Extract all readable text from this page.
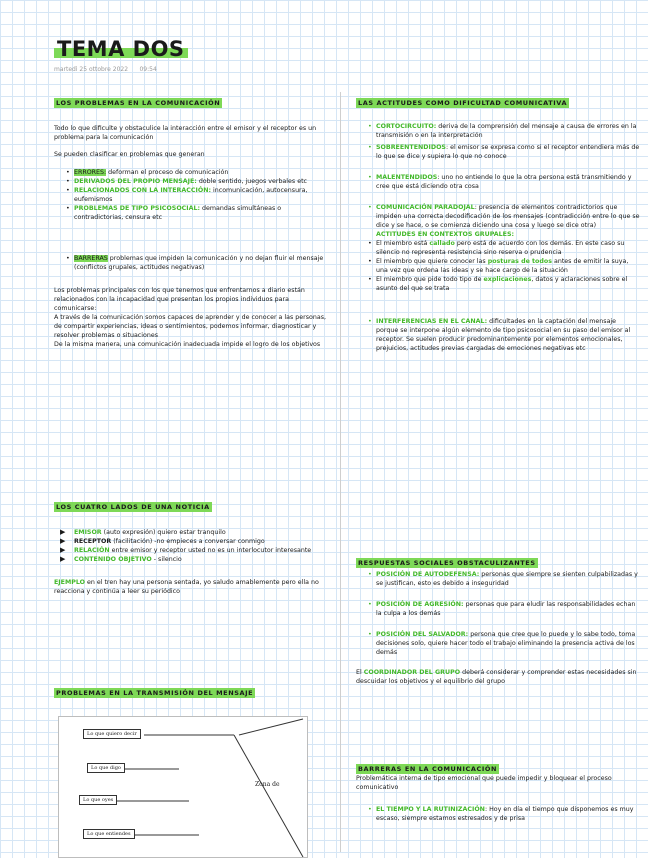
TEMA DOS
martedì 25 ottobre 2022 09:54
LOS PROBLEMAS EN LA COMUNICACIÓN

Todo lo que dificulte y obstaculice la interacción entre el emisor y el receptor es un problema para la comunicación

Se pueden clasificar en problemas que generan

• ERRORES: deforman el proceso de comunicación
• DERIVADOS DEL PROPIO MENSAJE: doble sentido, juegos verbales etc
• RELACIONADOS CON LA INTERACCIÓN: incomunicación, autocensura, eufemismos
• PROBLEMAS DE TIPO PSICOSOCIAL: demandas simultáneas o contradictorias, censura etc
• BARRERAS problemas que impiden la comunicación y no dejan fluir el mensaje (conflictos grupales, actitudes negativas)

Los problemas principales con los que tenemos que enfrentarnos a diario están relacionados con la incapacidad que presentan los propios individuos para comunicarse:

A través de la comunicación somos capaces de aprender y de conocer a las personas, de compartir experiencias, ideas o sentimientos, podemos informar, diagnosticar y resolver problemas o situaciones

De la misma manera, una comunicación inadecuada impide el logro de los objetivos

LOS CUATRO LADOS DE UNA NOTICIA
▶ EMISOR (auto expresión) quiero estar tranquilo
▶ RECEPTOR (facilitación) -no empieces a conversar conmigo
▶ RELACIÓN entre emisor y receptor usted no es un interlocutor interesante
▶ CONTENIDO OBJETIVO - silencio

EJEMPLO en el tren hay una persona sentada, yo saludo amablemente pero ella no reacciona y continúa a leer su periódico

PROBLEMAS EN LA TRANSMISIÓN DEL MENSAJE
Lo que quiero decir
Lo que digo
Lo que oyes
Lo que entiendes
Zona de
LAS ACTITUDES COMO DIFICULTAD COMUNICATIVA
• CORTOCIRCUITO: deriva de la comprensión del mensaje a causa de errores en la transmisión o en la interpretación
• SOBREENTENDIDOS: el emisor se expresa como si el receptor entendiera más de lo que se dice y supiera lo que no conoce
• MALENTENDIDOS: uno no entiende lo que la otra persona está transmitiendo y cree que está diciendo otra cosa
• COMUNICACIÓN PARADOJAL: presencia de elementos contradictorios que impiden una correcta decodificación de los mensajes (contradicción entre lo que se dice y se hace, o se comienza diciendo una cosa y luego se dice otra)

ACTITUDES EN CONTEXTOS GRUPALES:

• El miembro está callado pero está de acuerdo con los demás. En este caso su silencio no representa resistencia sino reserva o prudencia
• El miembro que quiere conocer las posturas de todos antes de emitir la suya, una vez que ordena las ideas y se hace cargo de la situación
• El miembro que pide todo tipo de explicaciones, datos y aclaraciones sobre el asunto del que se trata
• INTERFERENCIAS EN EL CANAL: dificultades en la captación del mensaje porque se interpone algún elemento de tipo psicosocial en su paso del emisor al receptor. Se suelen producir predominantemente por elementos emocionales, prejuicios, actitudes previas cargadas de emociones negativas etc
RESPUESTAS SOCIALES OBSTACULIZANTES
• POSICIÓN DE AUTODEFENSA: personas que siempre se sienten culpabilizadas y se justifican, esto es debido a inseguridad
• POSICIÓN DE AGRESIÓN: personas que para eludir las responsabilidades echan la culpa a los demás
• POSICIÓN DEL SALVADOR: persona que cree que lo puede y lo sabe todo, toma decisiones solo, quiere hacer todo el trabajo eliminando la presencia activa de los demás

El COORDINADOR DEL GRUPO deberá considerar y comprender estas necesidades sin descuidar los objetivos y el equilibrio del grupo

BARRERAS EN LA COMUNICACIÓN

Problemática interna de tipo emocional que puede impedir y bloquear el proceso comunicativo

• EL TIEMPO Y LA RUTINIZACIÓN: Hoy en día el tiempo que disponemos es muy escaso, siempre estamos estresados y de prisa
